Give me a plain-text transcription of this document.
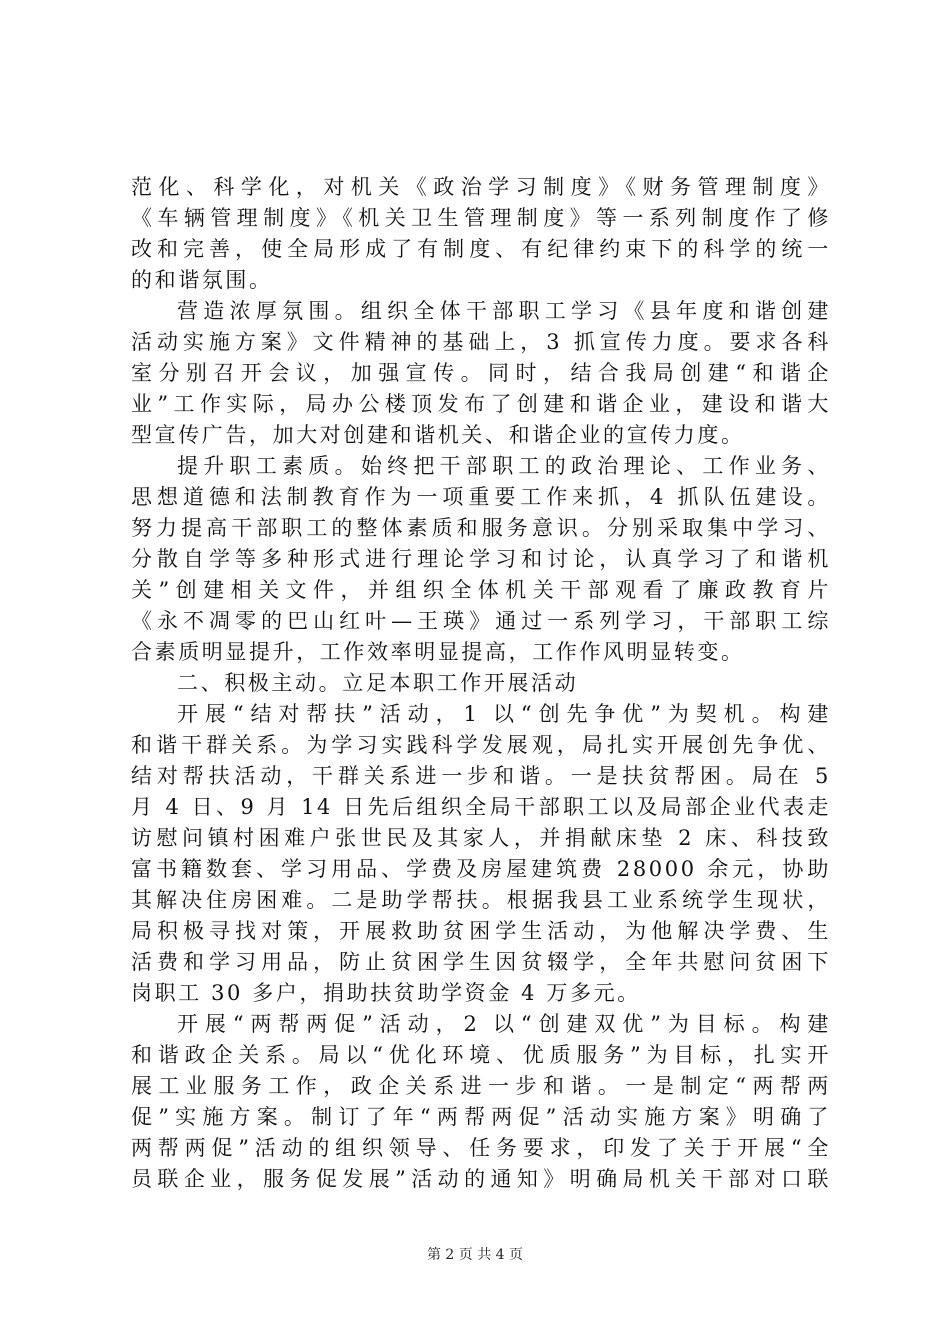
范化、科学化，对机关《政治学习制度》《财务管理制度》
《车辆管理制度》《机关卫生管理制度》等一系列制度作了修
改和完善，使全局形成了有制度、有纪律约束下的科学的统一
的和谐氛围。
营造浓厚氛围。组织全体干部职工学习《县年度和谐创建
活动实施方案》文件精神的基础上，3 抓宣传力度。要求各科
室分别召开会议，加强宣传。同时，结合我局创建“和谐企
业”工作实际，局办公楼顶发布了创建和谐企业，建设和谐大
型宣传广告，加大对创建和谐机关、和谐企业的宣传力度。
提升职工素质。始终把干部职工的政治理论、工作业务、
思想道德和法制教育作为一项重要工作来抓，4 抓队伍建设。
努力提高干部职工的整体素质和服务意识。分别采取集中学习、
分散自学等多种形式进行理论学习和讨论，认真学习了和谐机
关”创建相关文件，并组织全体机关干部观看了廉政教育片
《永不凋零的巴山红叶—王瑛》通过一系列学习，干部职工综
合素质明显提升，工作效率明显提高，工作作风明显转变。
二、积极主动。立足本职工作开展活动
开展“结对帮扶”活动，1 以“创先争优”为契机。构建
和谐干群关系。为学习实践科学发展观，局扎实开展创先争优、
结对帮扶活动，干群关系进一步和谐。一是扶贫帮困。局在 5
月 4 日、9 月 14 日先后组织全局干部职工以及局部企业代表走
访慰问镇村困难户张世民及其家人，并捐献床垫 2 床、科技致
富书籍数套、学习用品、学费及房屋建筑费 28000 余元，协助
其解决住房困难。二是助学帮扶。根据我县工业系统学生现状，
局积极寻找对策，开展救助贫困学生活动，为他解决学费、生
活费和学习用品，防止贫困学生因贫辍学，全年共慰问贫困下
岗职工 30 多户，捐助扶贫助学资金 4 万多元。
开展“两帮两促”活动，2 以“创建双优”为目标。构建
和谐政企关系。局以“优化环境、优质服务”为目标，扎实开
展工业服务工作，政企关系进一步和谐。一是制定“两帮两
促”实施方案。制订了年“两帮两促”活动实施方案》明确了
两帮两促”活动的组织领导、任务要求，印发了关于开展“全
员联企业，服务促发展”活动的通知》明确局机关干部对口联
第 2 页 共 4 页
